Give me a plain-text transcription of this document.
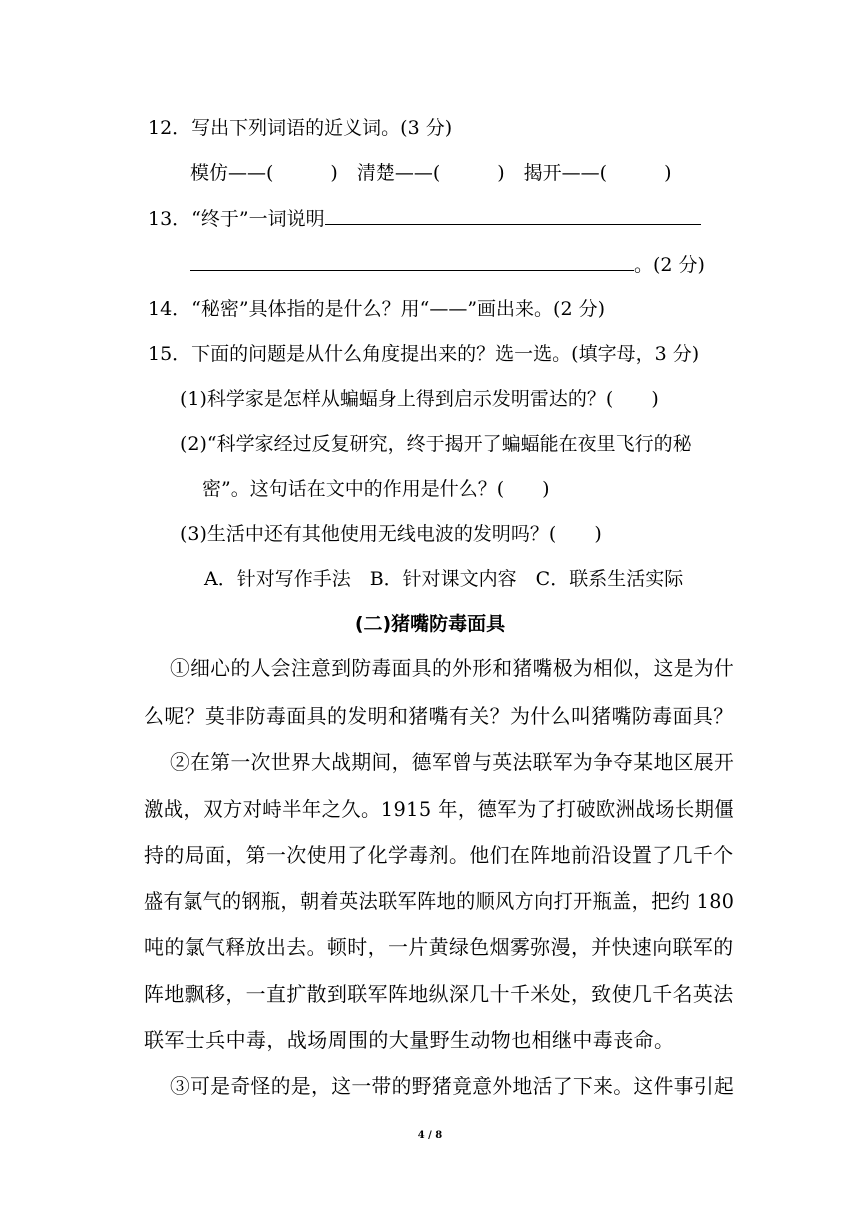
12．写出下列词语的近义词。(3 分)
模仿——(　　　)　清楚——(　　　)　揭开——(　　　)
13．“终于”一词说明
。(2 分)
14．“秘密”具体指的是什么？用“——”画出来。(2 分)
15．下面的问题是从什么角度提出来的？选一选。(填字母，3 分)
(1)科学家是怎样从蝙蝠身上得到启示发明雷达的？(　　)
(2)“科学家经过反复研究，终于揭开了蝙蝠能在夜里飞行的秘
密”。这句话在文中的作用是什么？(　　)
(3)生活中还有其他使用无线电波的发明吗？(　　)
A．针对写作手法　B．针对课文内容　C．联系生活实际
(二)猪嘴防毒面具
①细心的人会注意到防毒面具的外形和猪嘴极为相似，这是为什
么呢？莫非防毒面具的发明和猪嘴有关？为什么叫猪嘴防毒面具？
②在第一次世界大战期间，德军曾与英法联军为争夺某地区展开
激战，双方对峙半年之久。1915 年，德军为了打破欧洲战场长期僵
持的局面，第一次使用了化学毒剂。他们在阵地前沿设置了几千个
盛有氯气的钢瓶，朝着英法联军阵地的顺风方向打开瓶盖，把约 180
吨的氯气释放出去。顿时，一片黄绿色烟雾弥漫，并快速向联军的
阵地飘移，一直扩散到联军阵地纵深几十千米处，致使几千名英法
联军士兵中毒，战场周围的大量野生动物也相继中毒丧命。
③可是奇怪的是，这一带的野猪竟意外地活了下来。这件事引起
4 / 8
